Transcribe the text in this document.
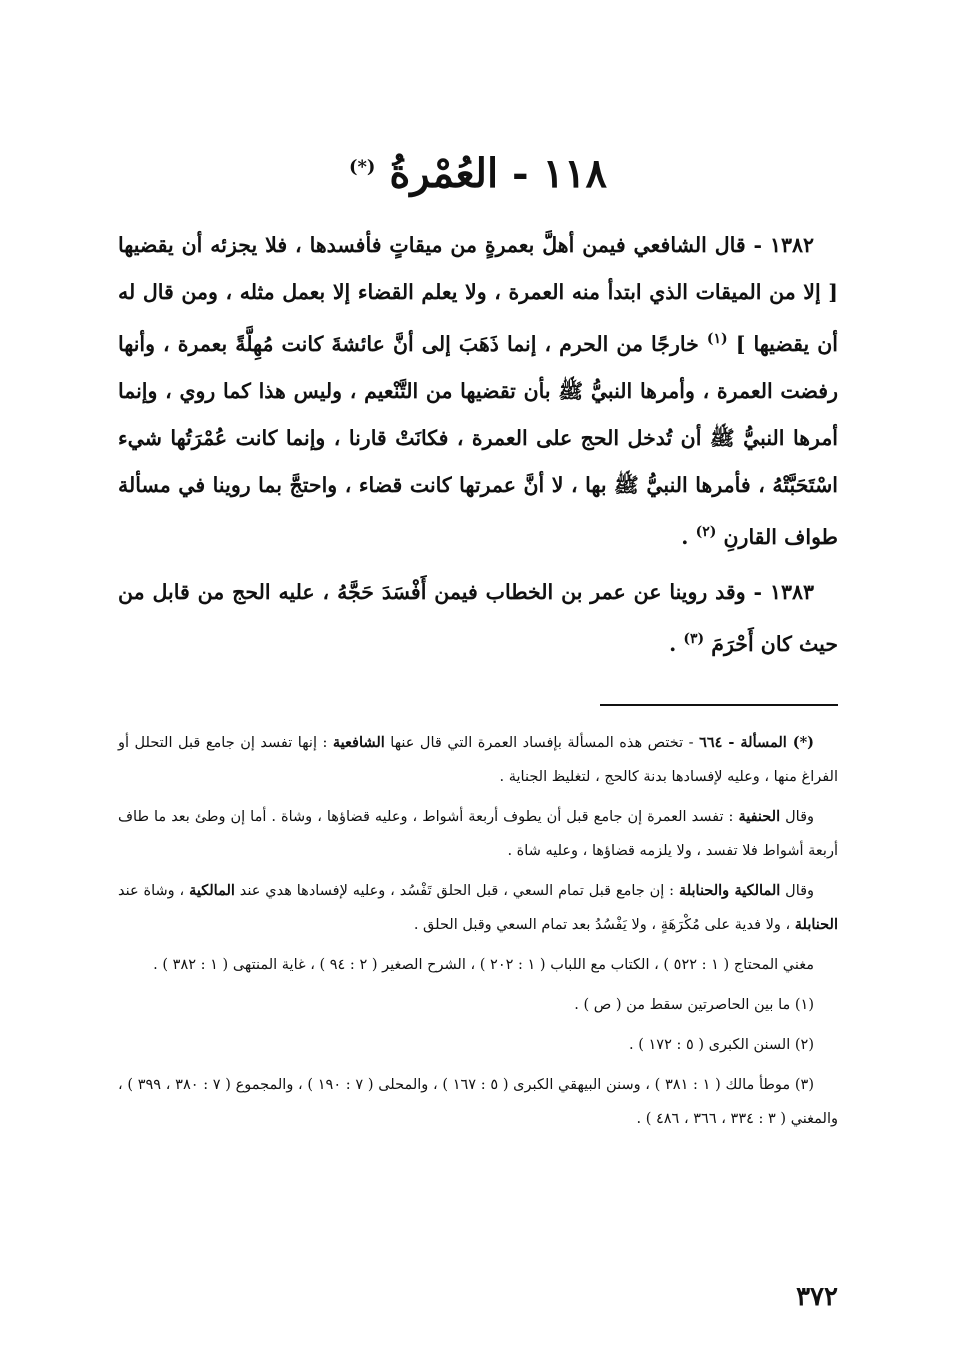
١١٨ - العُمْرةُ (*)

١٣٨٢ - قال الشافعي فيمن أهلَّ بعمرةٍ من ميقاتٍ فأفسدها ، فلا يجزئه أن يقضيها [ إلا من الميقات الذي ابتدأ منه العمرة ، ولا يعلم القضاء إلا بعمل مثله ، ومن قال له أن يقضيها ] $^{(١)}$ خارجًا من الحرم ، إنما ذَهَبَ إلى أنَّ عائشةَ كانت مُهِلَّةً بعمرة ، وأنها رفضت العمرة ، وأمرها النبيُّ ﷺ بأن تقضيها من التَّنْعيم ، وليس هذا كما روي ، وإنما أمرها النبيُّ ﷺ أن تُدخل الحج على العمرة ، فكانَتْ قارنا ، وإنما كانت عُمْرَتُها شيء اسْتَحَبَّتْهُ ، فأمرها النبيُّ ﷺ بها ، لا أنَّ عمرتها كانت قضاء ، واحتجَّ بما روينا في مسألة طواف القارنِ $^{(٢)}$ .

١٣٨٣ - وقد روينا عن عمر بن الخطاب فيمن أَفْسَدَ حَجَّهُ ، عليه الحج من قابل من حيث كان أَحْرَمَ $^{(٣)}$ .

(*) المسألة - ٦٦٤ - تختص هذه المسألة بإفساد العمرة التي قال عنها الشافعية : إنها تفسد إن جامع قبل التحلل أو الفراغ منها ، وعليه لإفسادها بدنة كالحج ، لتغليظ الجناية .

وقال الحنفية : تفسد العمرة إن جامع قبل أن يطوف أربعة أشواط ، وعليه قضاؤها ، وشاة . أما إن وطئ بعد ما طاف أربعة أشواط فلا تفسد ، ولا يلزمه قضاؤها ، وعليه شاة .

وقال المالكية والحنابلة : إن جامع قبل تمام السعي ، قبل الحلق تَفْسُد ، وعليه لإفسادها هدي عند المالكية ، وشاة عند الحنابلة ، ولا فدية على مُكْرَهَةٍ ، ولا يَفْسُدُ بعد تمام السعي وقبل الحلق .

مغني المحتاج ( ١ : ٥٢٢ ) ، الكتاب مع اللباب ( ١ : ٢٠٢ ) ، الشرح الصغير ( ٢ : ٩٤ ) ، غاية المنتهى ( ١ : ٣٨٢ ) .

(١) ما بين الحاصرتين سقط من ( ص ) .

(٢) السنن الكبرى ( ٥ : ١٧٢ ) .

(٣) موطأ مالك ( ١ : ٣٨١ ) ، وسنن البيهقي الكبرى ( ٥ : ١٦٧ ) ، والمحلى ( ٧ : ١٩٠ ) ، والمجموع ( ٧ : ٣٨٠ ، ٣٩٩ ) ، والمغني ( ٣ : ٣٣٤ ، ٣٦٦ ، ٤٨٦ ) .

٣٧٢
